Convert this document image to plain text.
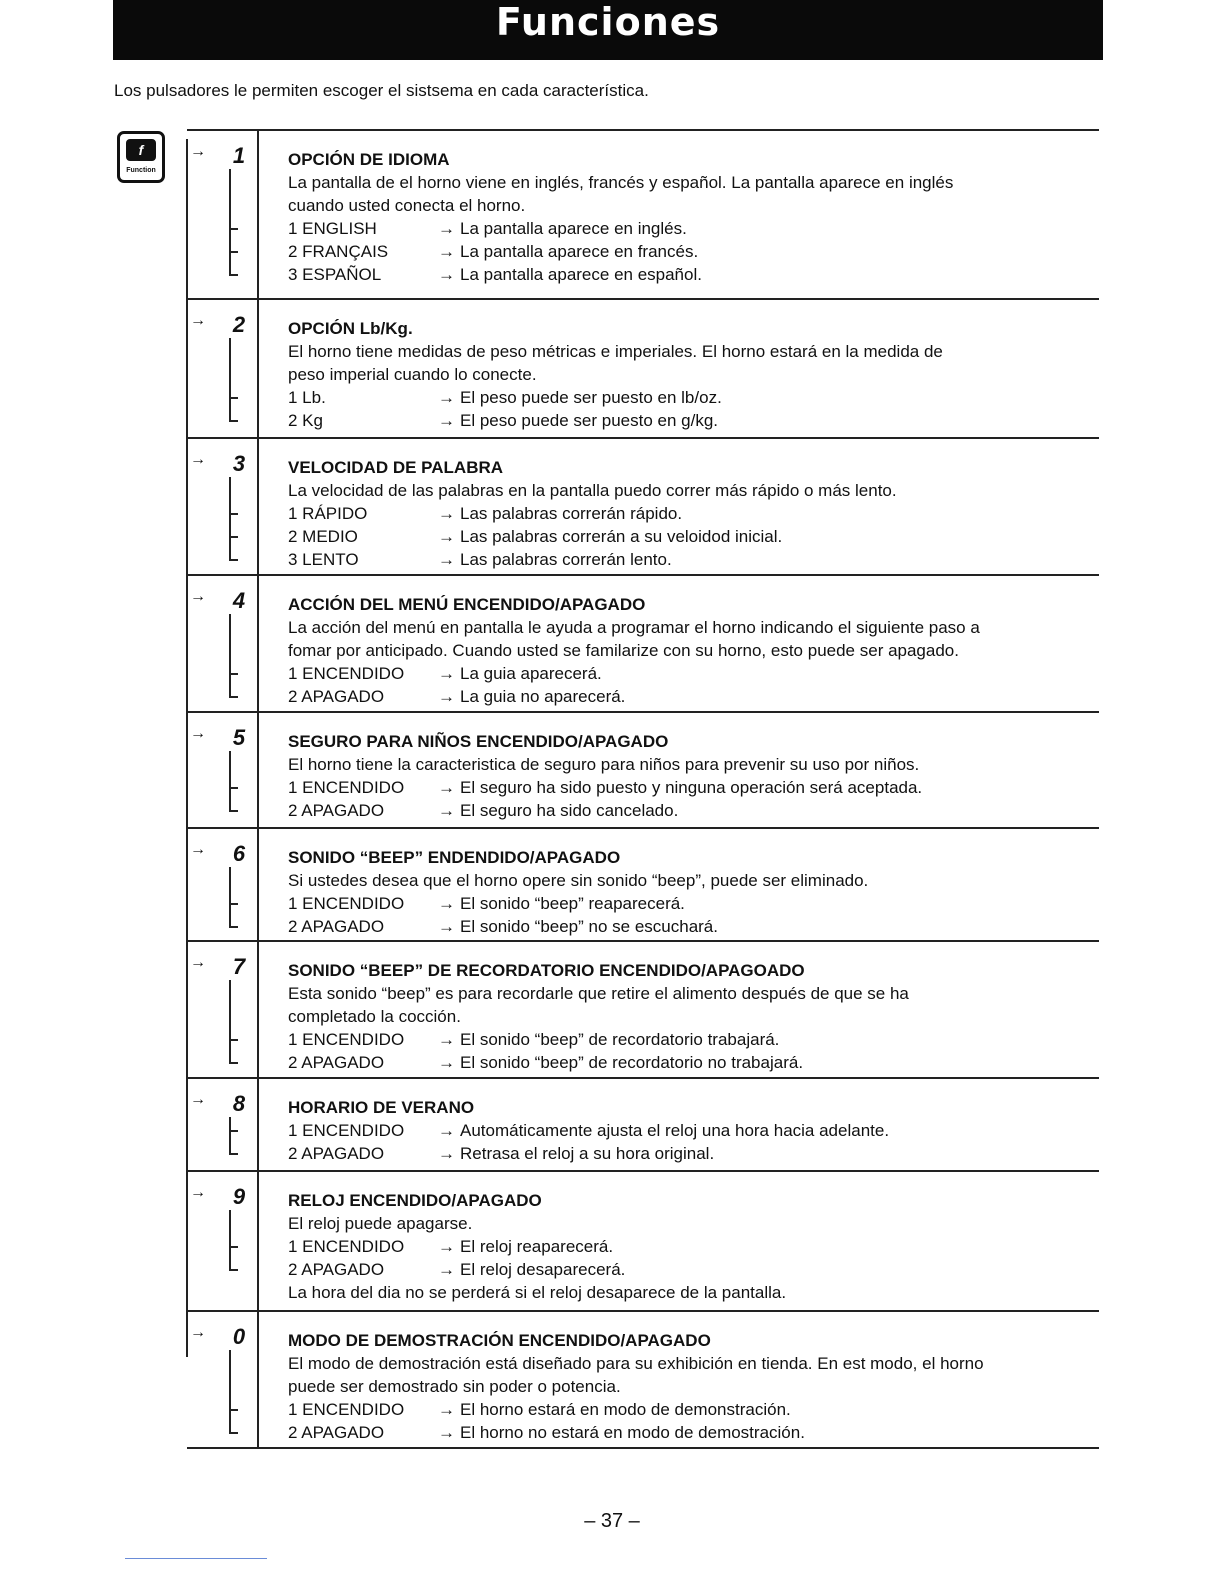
Funciones
Los pulsadores le permiten escoger el sistsema en cada característica.
f
Function
→	1	OPCIÓN DE IDIOMA
La pantalla de el horno viene en inglés, francés y español. La pantalla aparece en inglés
cuando usted conecta el horno.
1 ENGLISH	→ La pantalla aparece en inglés.
2 FRANÇAIS	→ La pantalla aparece en francés.
3 ESPAÑOL	→ La pantalla aparece en español.
→	2	OPCIÓN Lb/Kg.
El horno tiene medidas de peso métricas e imperiales. El horno estará en la medida de
peso imperial cuando lo conecte.
1 Lb.	→ El peso puede ser puesto en lb/oz.
2 Kg	→ El peso puede ser puesto en g/kg.
→	3	VELOCIDAD DE PALABRA
La velocidad de las palabras en la pantalla puedo correr más rápido o más lento.
1 RÁPIDO	→ Las palabras correrán rápido.
2 MEDIO	→ Las palabras correrán a su veloidod inicial.
3 LENTO	→ Las palabras correrán lento.
→	4	ACCIÓN DEL MENÚ ENCENDIDO/APAGADO
La acción del menú en pantalla le ayuda a programar el horno indicando el siguiente paso a
fomar por anticipado. Cuando usted se familarize con su horno, esto puede ser apagado.
1 ENCENDIDO → La guia aparecerá.
2 APAGADO	→ La guia no aparecerá.
→	5	SEGURO PARA NIÑOS ENCENDIDO/APAGADO
El horno tiene la caracteristica de seguro para niños para prevenir su uso por niños.
1 ENCENDIDO → El seguro ha sido puesto y ninguna operación será aceptada.
2 APAGADO	→ El seguro ha sido cancelado.
→	6	SONIDO “BEEP” ENDENDIDO/APAGADO
Si ustedes desea que el horno opere sin sonido “beep”, puede ser eliminado.
1 ENCENDIDO → El sonido “beep” reaparecerá.
2 APAGADO	→ El sonido “beep” no se escuchará.
→	7	SONIDO “BEEP” DE RECORDATORIO ENCENDIDO/APAGOADO
Esta sonido “beep” es para recordarle que retire el alimento después de que se ha
completado la cocción.
1 ENCENDIDO → El sonido “beep” de recordatorio trabajará.
2 APAGADO	→ El sonido “beep” de recordatorio no trabajará.
→	8	HORARIO DE VERANO
1 ENCENDIDO → Automáticamente ajusta el reloj una hora hacia adelante.
2 APAGADO	→ Retrasa el reloj a su hora original.
→	9	RELOJ ENCENDIDO/APAGADO
El reloj puede apagarse.
1 ENCENDIDO → El reloj reaparecerá.
2 APAGADO	→ El reloj desaparecerá.
La hora del dia no se perderá si el reloj desaparece de la pantalla.
→	0	MODO DE DEMOSTRACIÓN ENCENDIDO/APAGADO
El modo de demostración está diseñado para su exhibición en tienda. En est modo, el horno
puede ser demostrado sin poder o potencia.
1 ENCENDIDO → El horno estará en modo de demonstración.
2 APAGADO	→ El horno no estará en modo de demostración.
– 37 –
